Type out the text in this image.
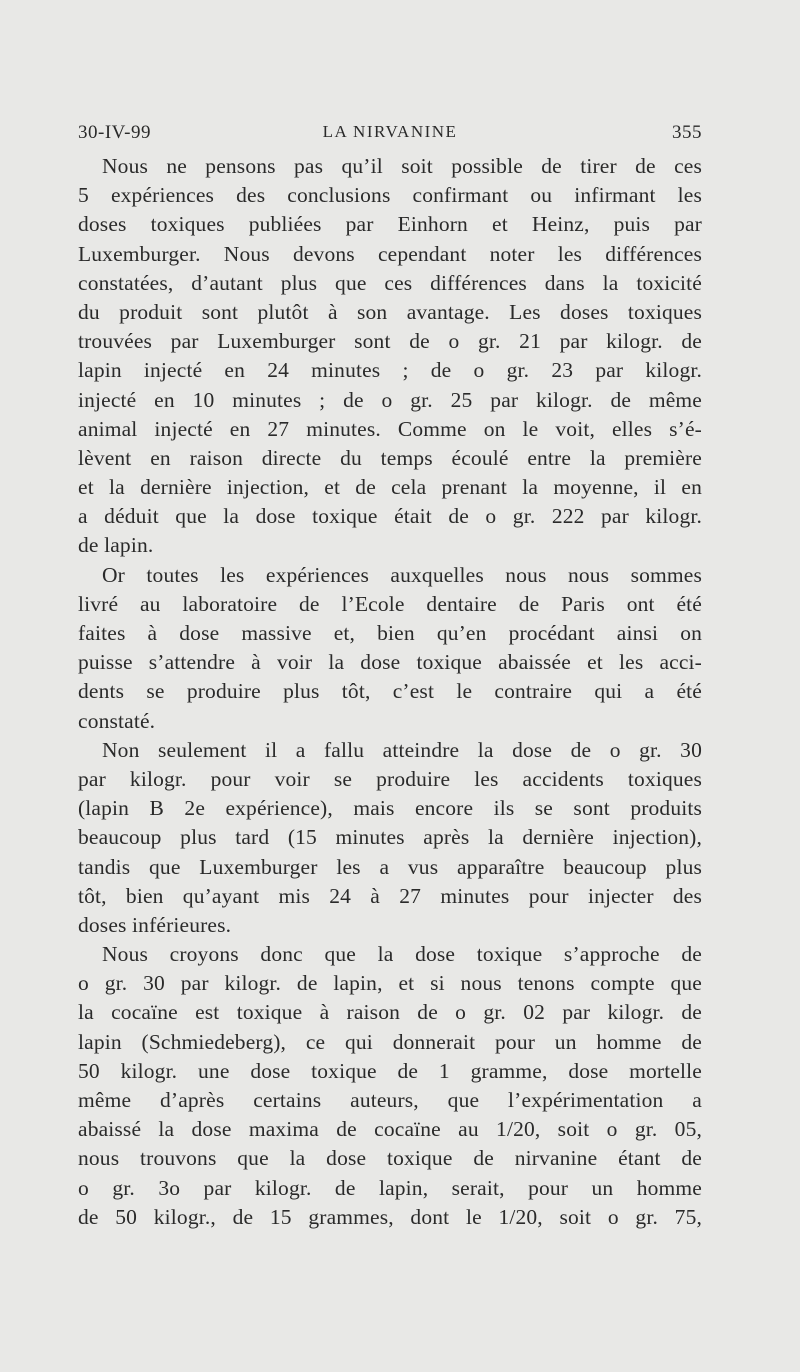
30-IV-99	LA NIRVANINE	355
Nous ne pensons pas qu’il soit possible de tirer de ces
5 expériences des conclusions confirmant ou infirmant les
doses toxiques publiées par Einhorn et Heinz, puis par
Luxemburger. Nous devons cependant noter les différences
constatées, d’autant plus que ces différences dans la toxicité
du produit sont plutôt à son avantage. Les doses toxiques
trouvées par Luxemburger sont de o gr. 21 par kilogr. de
lapin injecté en 24 minutes ; de o gr. 23 par kilogr.
injecté en 10 minutes ; de o gr. 25 par kilogr. de même
animal injecté en 27 minutes. Comme on le voit, elles s’é-
lèvent en raison directe du temps écoulé entre la première
et la dernière injection, et de cela prenant la moyenne, il en
a déduit que la dose toxique était de o gr. 222 par kilogr.
de lapin.
Or toutes les expériences auxquelles nous nous sommes
livré au laboratoire de l’Ecole dentaire de Paris ont été
faites à dose massive et, bien qu’en procédant ainsi on
puisse s’attendre à voir la dose toxique abaissée et les acci-
dents se produire plus tôt, c’est le contraire qui a été
constaté.
Non seulement il a fallu atteindre la dose de o gr. 30
par kilogr. pour voir se produire les accidents toxiques
(lapin B 2e expérience), mais encore ils se sont produits
beaucoup plus tard (15 minutes après la dernière injection),
tandis que Luxemburger les a vus apparaître beaucoup plus
tôt, bien qu’ayant mis 24 à 27 minutes pour injecter des
doses inférieures.
Nous croyons donc que la dose toxique s’approche de
o gr. 30 par kilogr. de lapin, et si nous tenons compte que
la cocaïne est toxique à raison de o gr. 02 par kilogr. de
lapin (Schmiedeberg), ce qui donnerait pour un homme de
50 kilogr. une dose toxique de 1 gramme, dose mortelle
même d’après certains auteurs, que l’expérimentation a
abaissé la dose maxima de cocaïne au 1/20, soit o gr. 05,
nous trouvons que la dose toxique de nirvanine étant de
o gr. 3o par kilogr. de lapin, serait, pour un homme
de 50 kilogr., de 15 grammes, dont le 1/20, soit o gr. 75,
